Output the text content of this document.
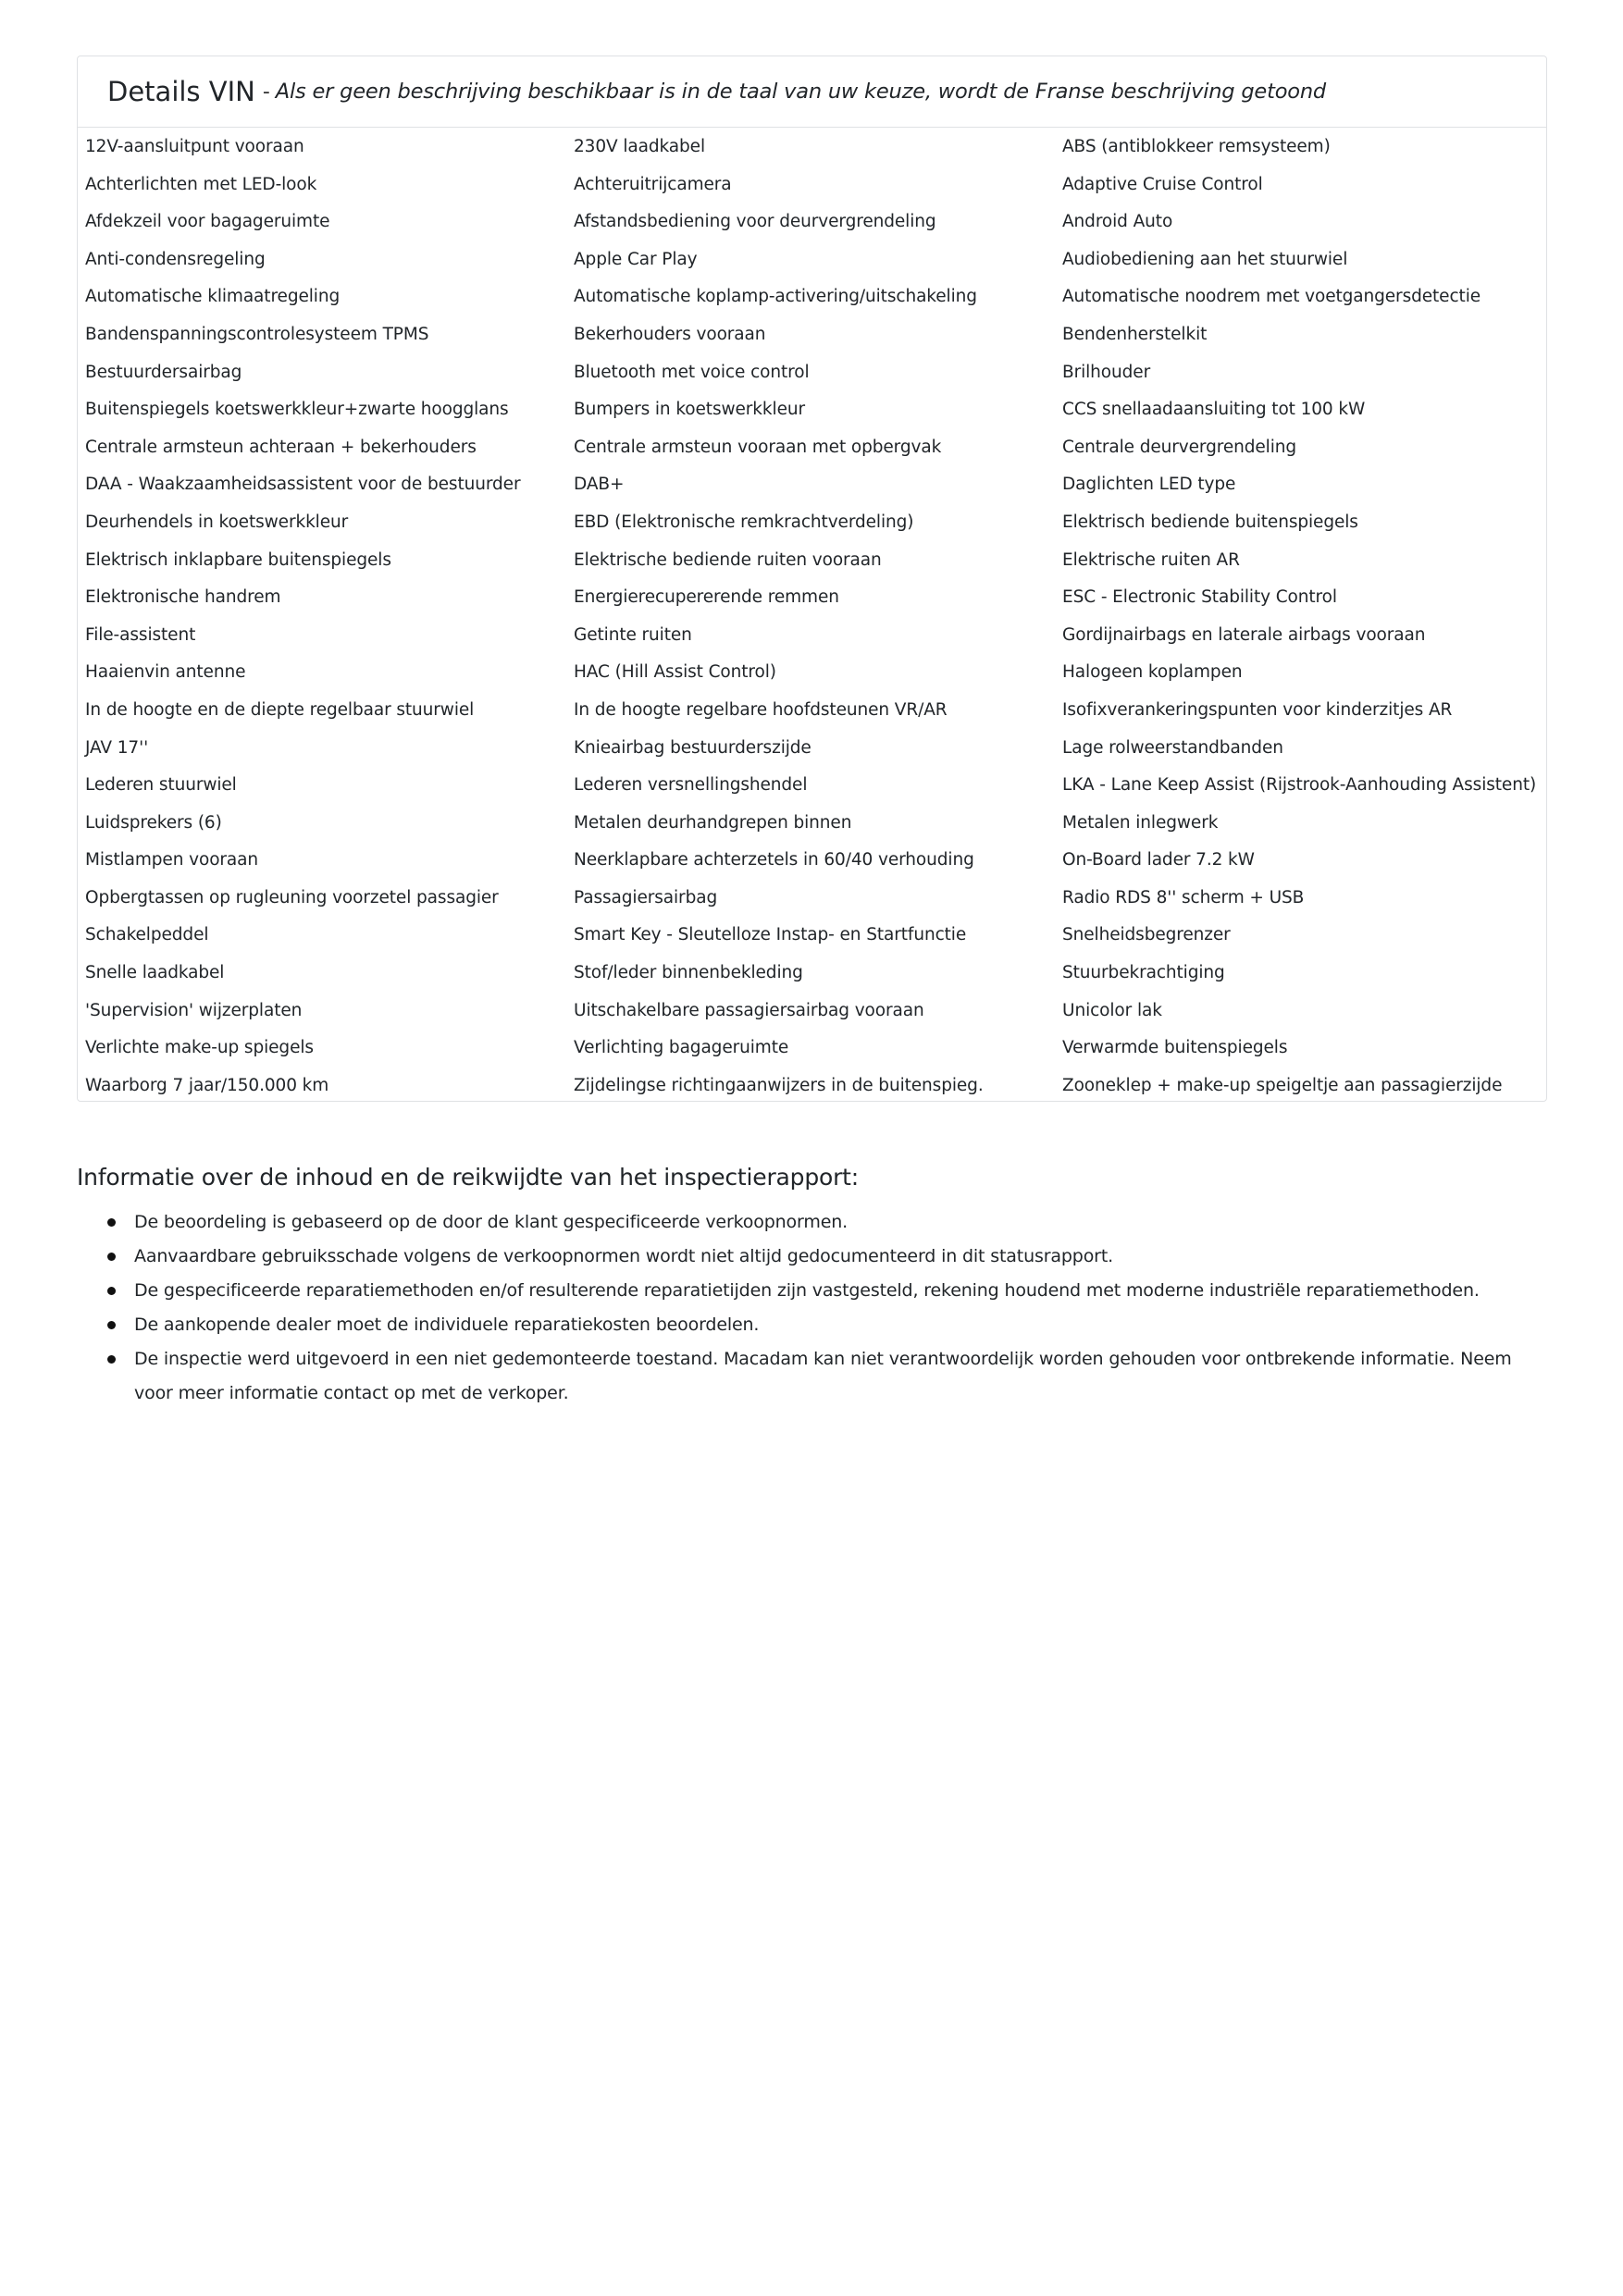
Details VIN - Als er geen beschrijving beschikbaar is in de taal van uw keuze, wordt de Franse beschrijving getoond
12V-aansluitpunt vooraan	230V laadkabel	ABS (antiblokkeer remsysteem)
Achterlichten met LED-look	Achteruitrijcamera	Adaptive Cruise Control
Afdekzeil voor bagageruimte	Afstandsbediening voor deurvergrendeling	Android Auto
Anti-condensregeling	Apple Car Play	Audiobediening aan het stuurwiel
Automatische klimaatregeling	Automatische koplamp-activering/uitschakeling	Automatische noodrem met voetgangersdetectie
Bandenspanningscontrolesysteem TPMS	Bekerhouders vooraan	Bendenherstelkit
Bestuurdersairbag	Bluetooth met voice control	Brilhouder
Buitenspiegels koetswerkkleur+zwarte hoogglans	Bumpers in koetswerkkleur	CCS snellaadaansluiting tot 100 kW
Centrale armsteun achteraan + bekerhouders	Centrale armsteun vooraan met opbergvak	Centrale deurvergrendeling
DAA - Waakzaamheidsassistent voor de bestuurder	DAB+	Daglichten LED type
Deurhendels in koetswerkkleur	EBD (Elektronische remkrachtverdeling)	Elektrisch bediende buitenspiegels
Elektrisch inklapbare buitenspiegels	Elektrische bediende ruiten vooraan	Elektrische ruiten AR
Elektronische handrem	Energierecupererende remmen	ESC - Electronic Stability Control
File-assistent	Getinte ruiten	Gordijnairbags en laterale airbags vooraan
Haaienvin antenne	HAC (Hill Assist Control)	Halogeen koplampen
In de hoogte en de diepte regelbaar stuurwiel	In de hoogte regelbare hoofdsteunen VR/AR	Isofixverankeringspunten voor kinderzitjes AR
JAV 17''	Knieairbag bestuurderszijde	Lage rolweerstandbanden
Lederen stuurwiel	Lederen versnellingshendel	LKA - Lane Keep Assist (Rijstrook-Aanhouding Assistent)
Luidsprekers (6)	Metalen deurhandgrepen binnen	Metalen inlegwerk
Mistlampen vooraan	Neerklapbare achterzetels in 60/40 verhouding	On-Board lader 7.2 kW
Opbergtassen op rugleuning voorzetel passagier	Passagiersairbag	Radio RDS 8'' scherm + USB
Schakelpeddel	Smart Key - Sleutelloze Instap- en Startfunctie	Snelheidsbegrenzer
Snelle laadkabel	Stof/leder binnenbekleding	Stuurbekrachtiging
'Supervision' wijzerplaten	Uitschakelbare passagiersairbag vooraan	Unicolor lak
Verlichte make-up spiegels	Verlichting bagageruimte	Verwarmde buitenspiegels
Waarborg 7 jaar/150.000 km	Zijdelingse richtingaanwijzers in de buitenspieg.	Zooneklep + make-up speigeltje aan passagierzijde
Informatie over de inhoud en de reikwijdte van het inspectierapport:
De beoordeling is gebaseerd op de door de klant gespecificeerde verkoopnormen.
Aanvaardbare gebruiksschade volgens de verkoopnormen wordt niet altijd gedocumenteerd in dit statusrapport.
De gespecificeerde reparatiemethoden en/of resulterende reparatietijden zijn vastgesteld, rekening houdend met moderne industriële reparatiemethoden.
De aankopende dealer moet de individuele reparatiekosten beoordelen.
De inspectie werd uitgevoerd in een niet gedemonteerde toestand. Macadam kan niet verantwoordelijk worden gehouden voor ontbrekende informatie. Neem voor meer informatie contact op met de verkoper.
